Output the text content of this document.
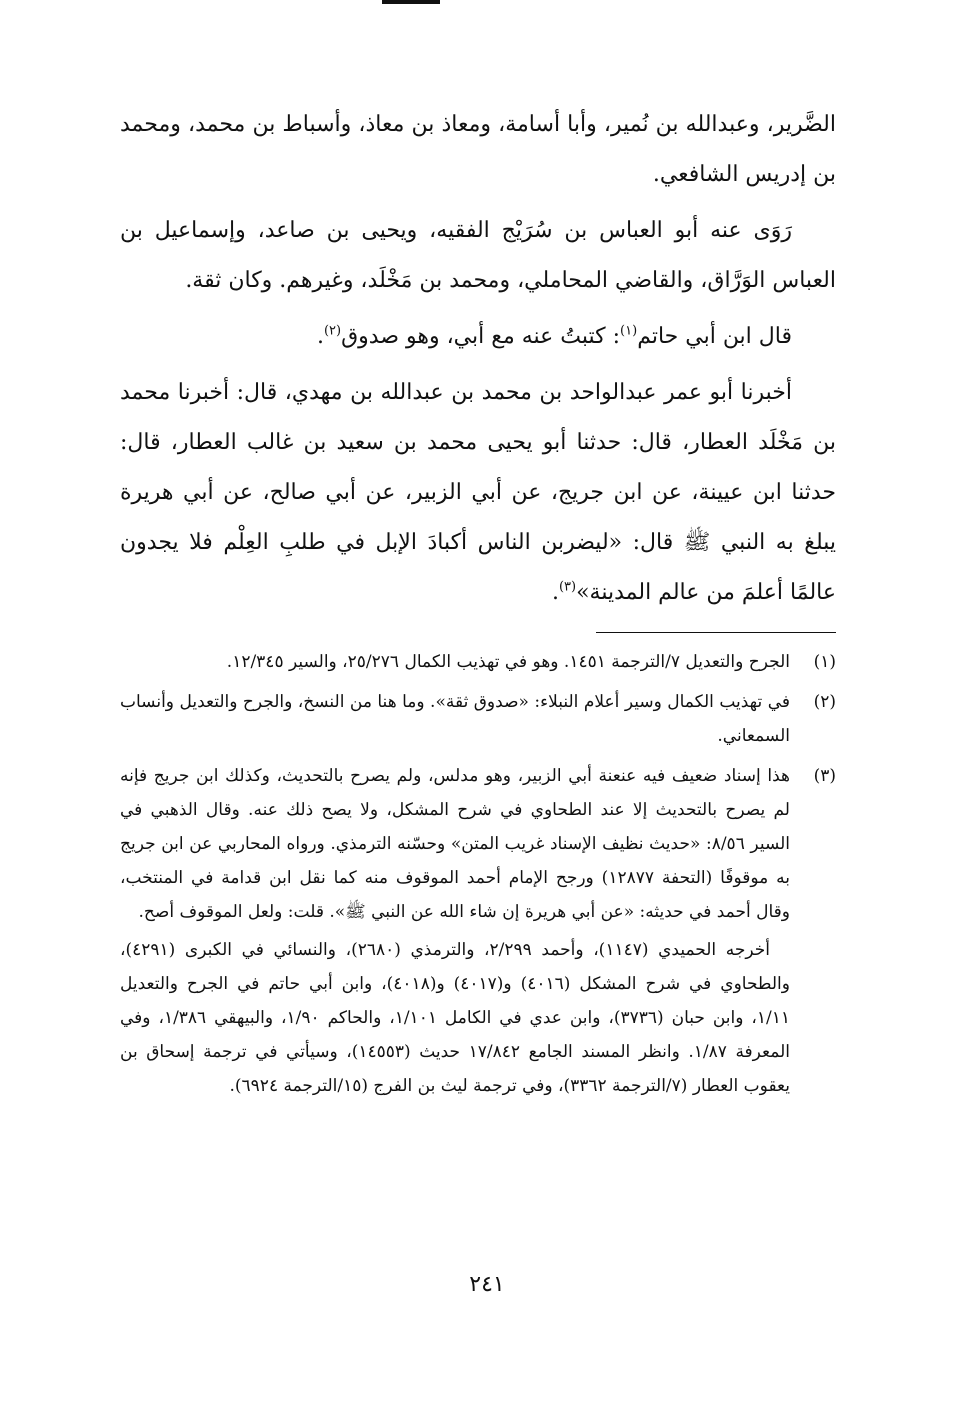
الضَّرير، وعبدالله بن نُمير، وأبا أسامة، ومعاذ بن معاذ، وأسباط بن محمد، ومحمد بن إدريس الشافعي.

رَوَى عنه أبو العباس بن سُرَيْج الفقيه، ويحيى بن صاعد، وإسماعيل بن العباس الوَرَّاق، والقاضي المحاملي، ومحمد بن مَخْلَد، وغيرهم. وكان ثقة.

قال ابن أبي حاتم$^{(١)}$: كتبتُ عنه مع أبي، وهو صدوق$^{(٢)}$.

أخبرنا أبو عمر عبدالواحد بن محمد بن عبدالله بن مهدي، قال: أخبرنا محمد بن مَخْلَد العطار، قال: حدثنا أبو يحيى محمد بن سعيد بن غالب العطار، قال: حدثنا ابن عيينة، عن ابن جريج، عن أبي الزبير، عن أبي صالح، عن أبي هريرة يبلغ به النبي ﷺ قال: «ليضربن الناس أكبادَ الإبل في طلبِ العِلْم فلا يجدون عالمًا أعلمَ من عالم المدينة»$^{(٣)}$.

(١)

الجرح والتعديل ٧/الترجمة ١٤٥١. وهو في تهذيب الكمال ٢٥/٢٧٦، والسير ١٢/٣٤٥.

(٢)

في تهذيب الكمال وسير أعلام النبلاء: «صدوق ثقة». وما هنا من النسخ، والجرح والتعديل وأنساب السمعاني.

(٣)

هذا إسناد ضعيف فيه عنعنة أبي الزبير، وهو مدلس، ولم يصرح بالتحديث، وكذلك ابن جريج فإنه لم يصرح بالتحديث إلا عند الطحاوي في شرح المشكل، ولا يصح ذلك عنه. وقال الذهبي في السير ٨/٥٦: «حديث نظيف الإسناد غريب المتن» وحسّنه الترمذي. ورواه المحاربي عن ابن جريج به موقوفًا (التحفة ١٢٨٧٧) ورجح الإمام أحمد الموقوف منه كما نقل ابن قدامة في المنتخب، وقال أحمد في حديثه: «عن أبي هريرة إن شاء الله عن النبي ﷺ». قلت: ولعل الموقوف أصح.

أخرجه الحميدي (١١٤٧)، وأحمد ٢/٢٩٩، والترمذي (٢٦٨٠)، والنسائي في الكبرى (٤٢٩١)، والطحاوي في شرح المشكل (٤٠١٦) و(٤٠١٧) و(٤٠١٨)، وابن أبي حاتم في الجرح والتعديل ١/١١، وابن حبان (٣٧٣٦)، وابن عدي في الكامل ١/١٠١، والحاكم ١/٩٠، والبيهقي ١/٣٨٦، وفي المعرفة ١/٨٧. وانظر المسند الجامع ١٧/٨٤٢ حديث (١٤٥٥٣)، وسيأتي في ترجمة إسحاق بن يعقوب العطار (٧/الترجمة ٣٣٦٢)، وفي ترجمة ليث بن الفرج (١٥/الترجمة ٦٩٢٤).

٢٤١
